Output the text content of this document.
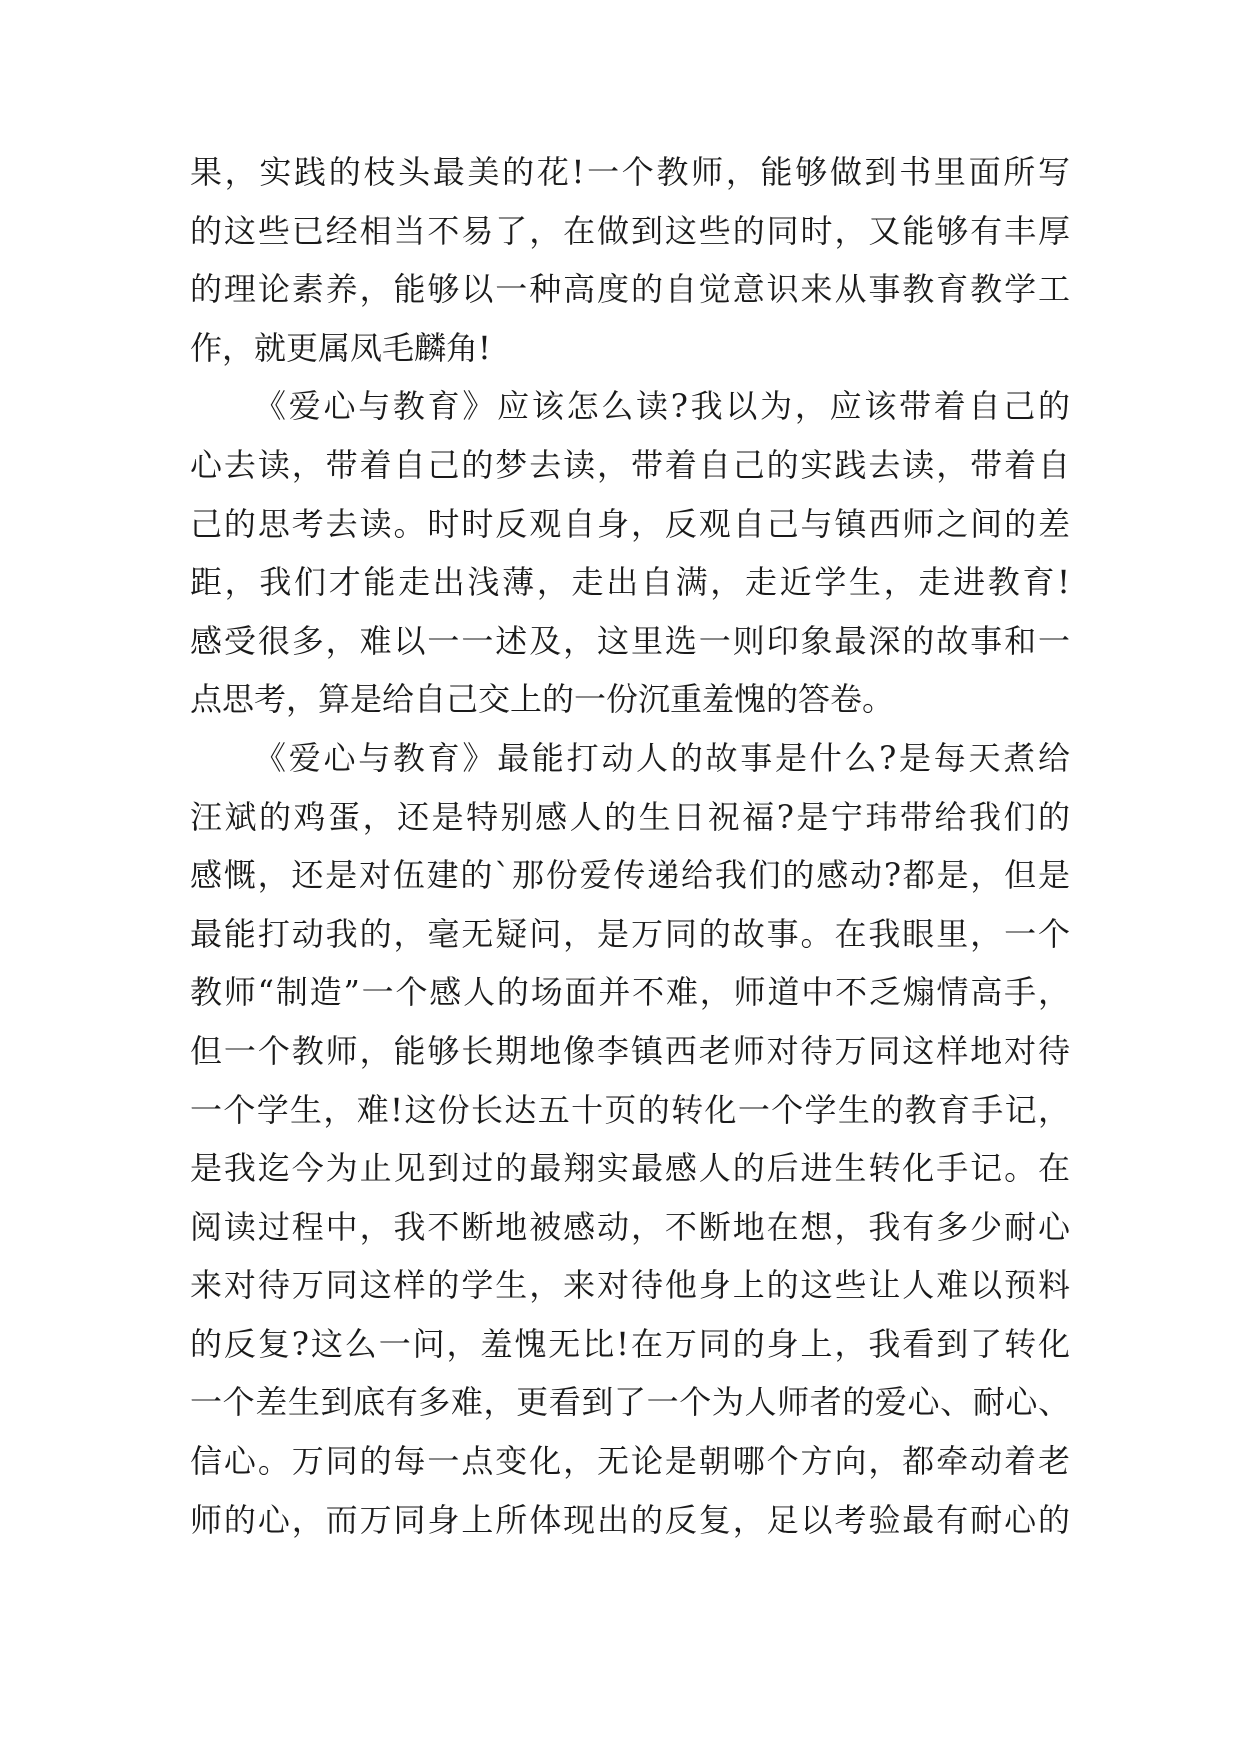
果，实践的枝头最美的花!一个教师，能够做到书里面所写
的这些已经相当不易了，在做到这些的同时，又能够有丰厚
的理论素养，能够以一种高度的自觉意识来从事教育教学工
作，就更属凤毛麟角!
《爱心与教育》应该怎么读?我以为，应该带着自己的
心去读，带着自己的梦去读，带着自己的实践去读，带着自
己的思考去读。时时反观自身，反观自己与镇西师之间的差
距，我们才能走出浅薄，走出自满，走近学生，走进教育!
感受很多，难以一一述及，这里选一则印象最深的故事和一
点思考，算是给自己交上的一份沉重羞愧的答卷。
《爱心与教育》最能打动人的故事是什么?是每天煮给
汪斌的鸡蛋，还是特别感人的生日祝福?是宁玮带给我们的
感慨，还是对伍建的`那份爱传递给我们的感动?都是，但是
最能打动我的，毫无疑问，是万同的故事。在我眼里，一个
教师“制造”一个感人的场面并不难，师道中不乏煽情高手，
但一个教师，能够长期地像李镇西老师对待万同这样地对待
一个学生，难!这份长达五十页的转化一个学生的教育手记，
是我迄今为止见到过的最翔实最感人的后进生转化手记。在
阅读过程中，我不断地被感动，不断地在想，我有多少耐心
来对待万同这样的学生，来对待他身上的这些让人难以预料
的反复?这么一问，羞愧无比!在万同的身上，我看到了转化
一个差生到底有多难，更看到了一个为人师者的爱心、耐心、
信心。万同的每一点变化，无论是朝哪个方向，都牵动着老
师的心，而万同身上所体现出的反复，足以考验最有耐心的
